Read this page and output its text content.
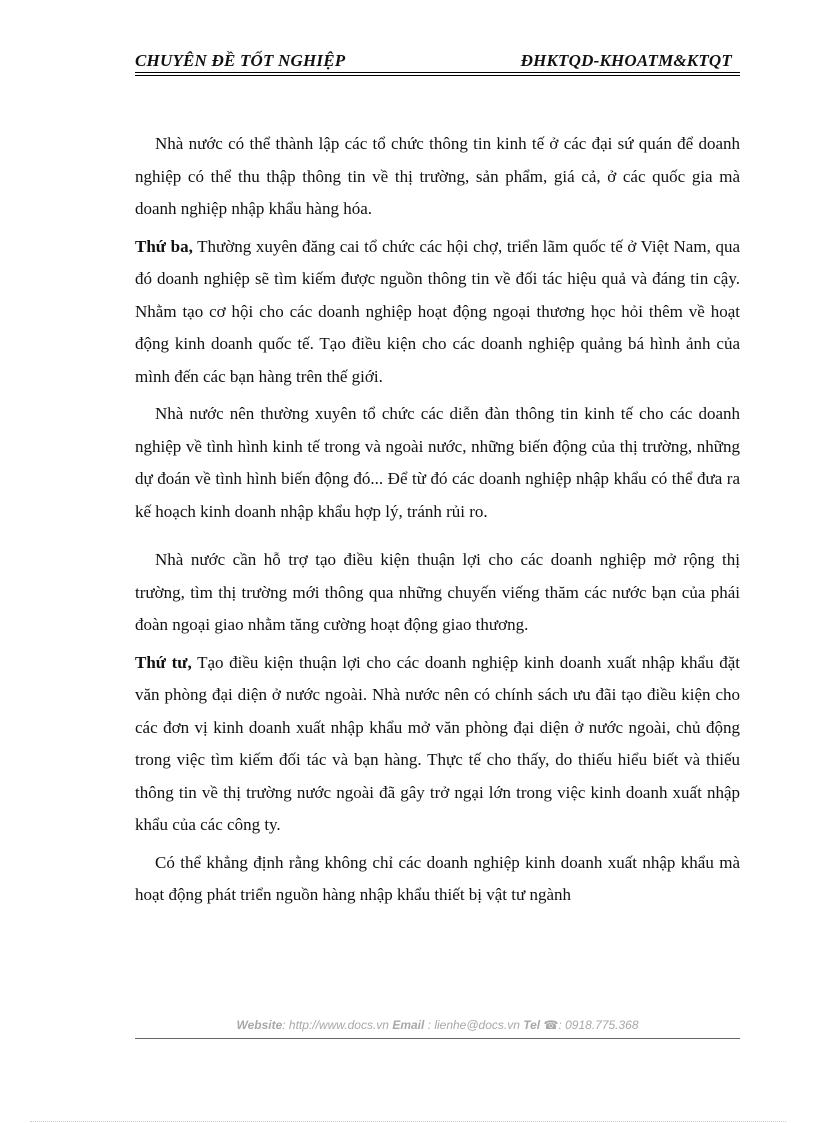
CHUYÊN ĐỀ TỐT NGHIỆP	ĐHKTQD-KHOATM&KTQT

Nhà nước có thể thành lập các tổ chức thông tin kinh tế ở các đại sứ quán để doanh nghiệp có thể thu thập thông tin về thị trường, sản phẩm, giá cả, ở các quốc gia mà doanh nghiệp nhập khẩu hàng hóa.

Thứ ba, Thường xuyên đăng cai tổ chức các hội chợ, triển lãm quốc tế ở Việt Nam, qua đó doanh nghiệp sẽ tìm kiếm được nguồn thông tin về đối tác hiệu quả và đáng tin cậy. Nhằm tạo cơ hội cho các doanh nghiệp hoạt động ngoại thương học hỏi thêm về hoạt động kinh doanh quốc tế. Tạo điều kiện cho các doanh nghiệp quảng bá hình ảnh của mình đến các bạn hàng trên thế giới.

Nhà nước nên thường xuyên tổ chức các diễn đàn thông tin kinh tế cho các doanh nghiệp về tình hình kinh tế trong và ngoài nước, những biến động của thị trường, những dự đoán về tình hình biến động đó... Để từ đó các doanh nghiệp nhập khẩu có thể đưa ra kế hoạch kinh doanh nhập khẩu hợp lý, tránh rủi ro.

Nhà nước cần hỗ trợ tạo điều kiện thuận lợi cho các doanh nghiệp mở rộng thị trường, tìm thị trường mới thông qua những chuyến viếng thăm các nước bạn của phái đoàn ngoại giao nhằm tăng cường hoạt động giao thương.

Thứ tư, Tạo điều kiện thuận lợi cho các doanh nghiệp kinh doanh xuất nhập khẩu đặt văn phòng đại diện ở nước ngoài. Nhà nước nên có chính sách ưu đãi tạo điều kiện cho các đơn vị kinh doanh xuất nhập khẩu mở văn phòng đại diện ở nước ngoài, chủ động trong việc tìm kiếm đối tác và bạn hàng. Thực tế cho thấy, do thiếu hiểu biết và thiếu thông tin về thị trường nước ngoài đã gây trở ngại lớn trong việc kinh doanh xuất nhập khẩu của các công ty.

Có thể khẳng định rằng không chỉ các doanh nghiệp kinh doanh xuất nhập khẩu mà hoạt động phát triển nguồn hàng nhập khẩu thiết bị vật tư ngành

Website: http://www.docs.vn Email : lienhe@docs.vn Tel ☎: 0918.775.368
